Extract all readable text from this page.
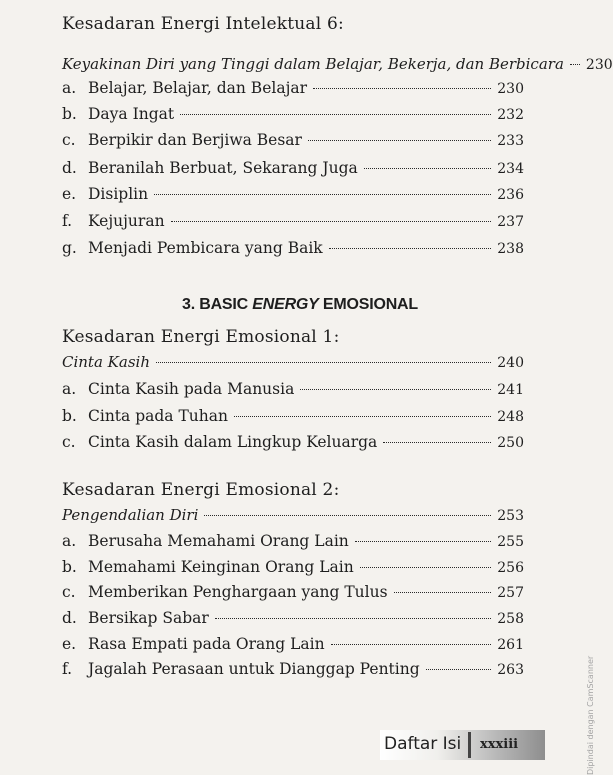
Kesadaran Energi Intelektual 6:
Keyakinan Diri yang Tinggi dalam Belajar, Bekerja, dan Berbicara 230
a. Belajar, Belajar, dan Belajar	230
b. Daya Ingat	232
c. Berpikir dan Berjiwa Besar	233
d. Beranilah Berbuat, Sekarang Juga	234
e. Disiplin	236
f.	Kejujuran	237
g. Menjadi Pembicara yang Baik	238
3. BASIC ENERGY EMOSIONAL
Kesadaran Energi Emosional 1:
Cinta Kasih	240
a. Cinta Kasih pada Manusia	241
b. Cinta pada Tuhan	248
c. Cinta Kasih dalam Lingkup Keluarga	250
Kesadaran Energi Emosional 2:
Pengendalian Diri	253
a. Berusaha Memahami Orang Lain	255
b. Memahami Keinginan Orang Lain	256
c. Memberikan Penghargaan yang Tulus	257
d. Bersikap Sabar	258
e. Rasa Empati pada Orang Lain	261
f.	Jagalah Perasaan untuk Dianggap Penting	263
Daftar Isi xxxiii	Dipindai dengan CamScanner
